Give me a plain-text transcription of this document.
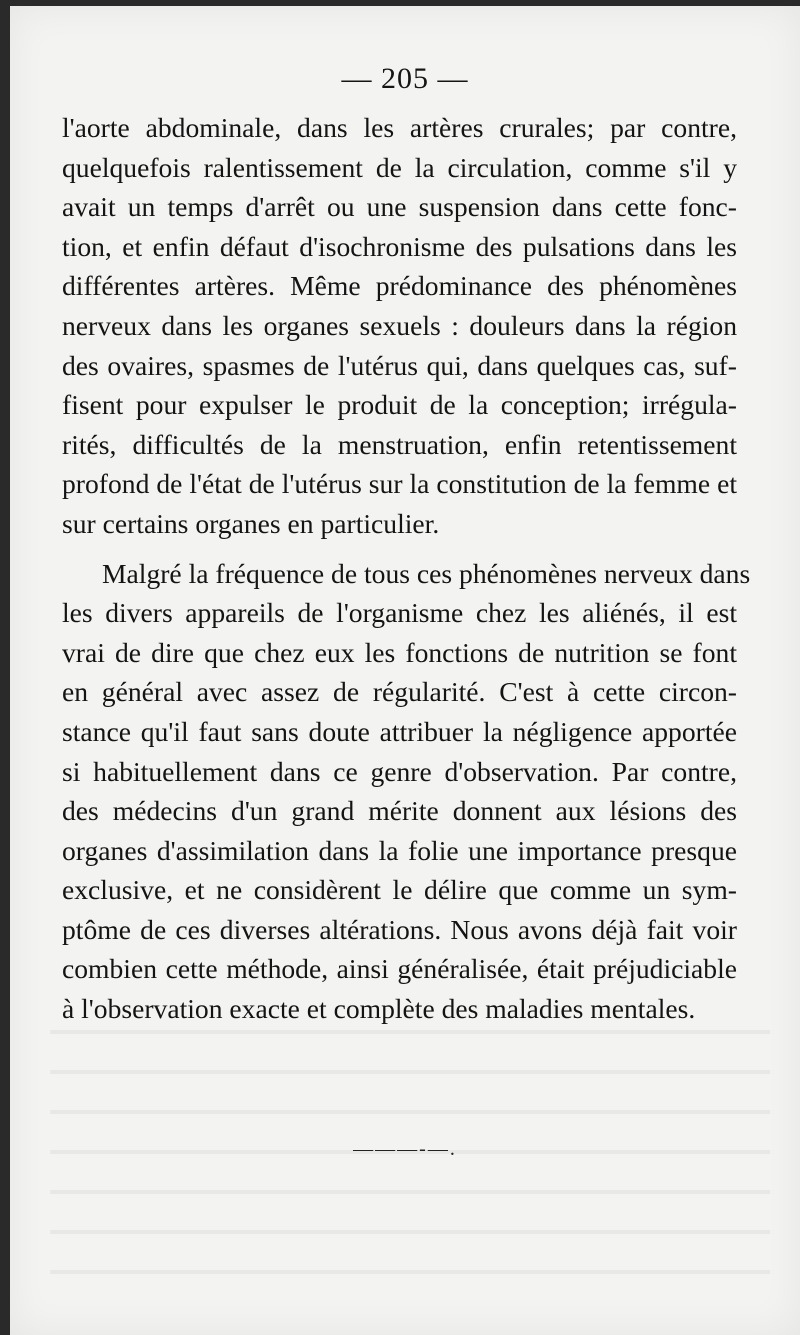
— 205 —
l'aorte abdominale, dans les artères crurales; par contre,
quelquefois ralentissement de la circulation, comme s'il y
avait un temps d'arrêt ou une suspension dans cette fonc-
tion, et enfin défaut d'isochronisme des pulsations dans les
différentes artères. Même prédominance des phénomènes
nerveux dans les organes sexuels : douleurs dans la région
des ovaires, spasmes de l'utérus qui, dans quelques cas, suf-
fisent pour expulser le produit de la conception; irrégula-
rités, difficultés de la menstruation, enfin retentissement
profond de l'état de l'utérus sur la constitution de la femme et
sur certains organes en particulier.
Malgré la fréquence de tous ces phénomènes nerveux dans
les divers appareils de l'organisme chez les aliénés, il est
vrai de dire que chez eux les fonctions de nutrition se font
en général avec assez de régularité. C'est à cette circon-
stance qu'il faut sans doute attribuer la négligence apportée
si habituellement dans ce genre d'observation. Par contre,
des médecins d'un grand mérite donnent aux lésions des
organes d'assimilation dans la folie une importance presque
exclusive, et ne considèrent le délire que comme un sym-
ptôme de ces diverses altérations. Nous avons déjà fait voir
combien cette méthode, ainsi généralisée, était préjudiciable
à l'observation exacte et complète des maladies mentales.
———-—.
